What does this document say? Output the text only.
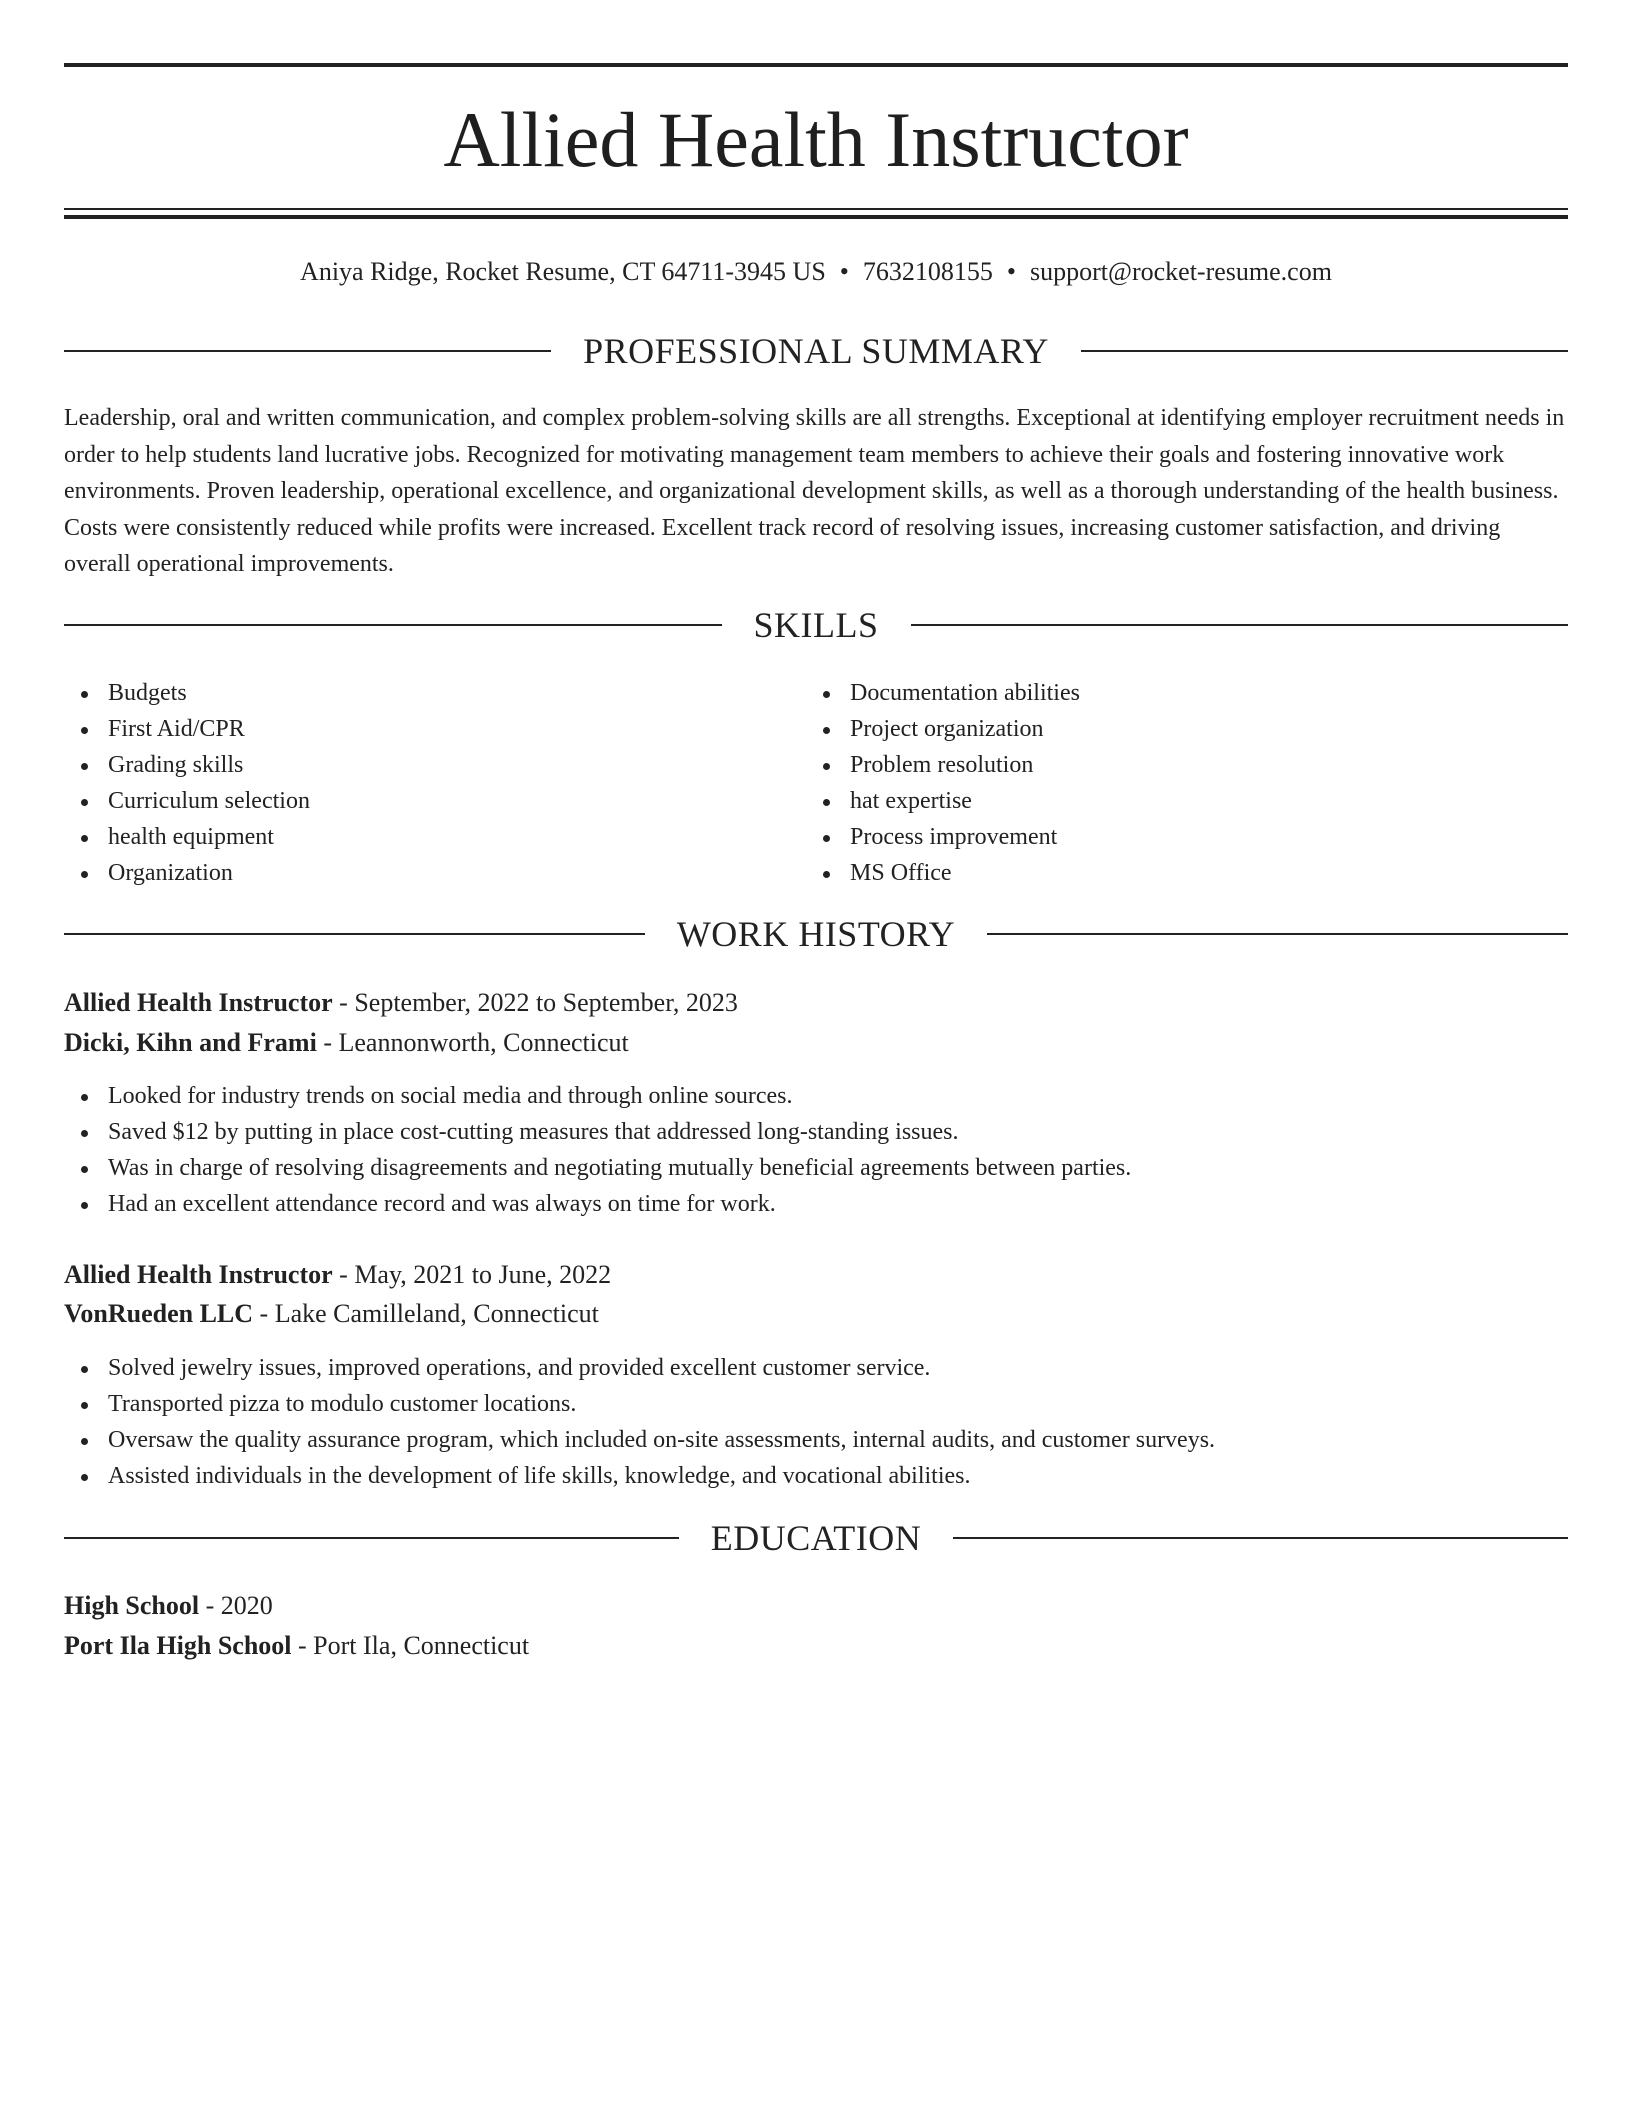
Allied Health Instructor
Aniya Ridge, Rocket Resume, CT 64711-3945 US • 7632108155 • support@rocket-resume.com
PROFESSIONAL SUMMARY

Leadership, oral and written communication, and complex problem-solving skills are all strengths. Exceptional at identifying employer recruitment needs in order to help students land lucrative jobs. Recognized for motivating management team members to achieve their goals and fostering innovative work environments. Proven leadership, operational excellence, and organizational development skills, as well as a thorough understanding of the health business. Costs were consistently reduced while profits were increased. Excellent track record of resolving issues, increasing customer satisfaction, and driving overall operational improvements.

SKILLS
Budgets
First Aid/CPR
Grading skills
Curriculum selection
health equipment
Organization
Documentation abilities
Project organization
Problem resolution
hat expertise
Process improvement
MS Office
WORK HISTORY
Allied Health Instructor - September, 2022 to September, 2023
Dicki, Kihn and Frami - Leannonworth, Connecticut
Looked for industry trends on social media and through online sources.
Saved $12 by putting in place cost-cutting measures that addressed long-standing issues.
Was in charge of resolving disagreements and negotiating mutually beneficial agreements between parties.
Had an excellent attendance record and was always on time for work.
Allied Health Instructor - May, 2021 to June, 2022
VonRueden LLC - Lake Camilleland, Connecticut
Solved jewelry issues, improved operations, and provided excellent customer service.
Transported pizza to modulo customer locations.
Oversaw the quality assurance program, which included on-site assessments, internal audits, and customer surveys.
Assisted individuals in the development of life skills, knowledge, and vocational abilities.
EDUCATION
High School - 2020
Port Ila High School - Port Ila, Connecticut
